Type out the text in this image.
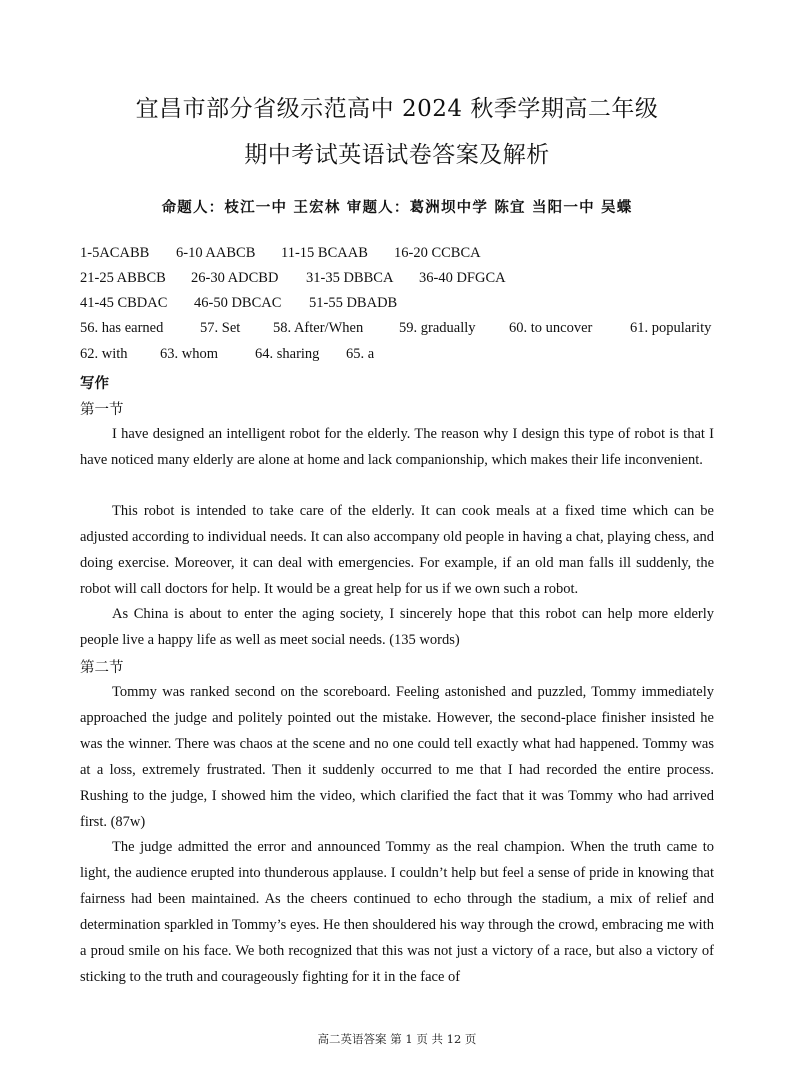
宜昌市部分省级示范高中 2024 秋季学期高二年级
期中考试英语试卷答案及解析
命题人：枝江一中 王宏林 审题人：葛洲坝中学 陈宜 当阳一中 吴蝶
1-5ACABB 6-10 AABCB 11-15 BCAAB 16-20 CCBCA
21-25 ABBCB 26-30 ADCBD 31-35 DBBCA 36-40 DFGCA
41-45 CBDAC 46-50 DBCAC 51-55 DBADB
56. has earned	57. Set 58. After/When 59. gradually 60. to uncover	61. popularity
62. with 63. whom	64. sharing 65. a
写作
第一节

I have designed an intelligent robot for the elderly. The reason why I design this type of robot is that I have noticed many elderly are alone at home and lack companionship, which makes their life inconvenient.

This robot is intended to take care of the elderly. It can cook meals at a fixed time which can be adjusted according to individual needs. It can also accompany old people in having a chat, playing chess, and doing exercise. Moreover, it can deal with emergencies. For example, if an old man falls ill suddenly, the robot will call doctors for help. It would be a great help for us if we own such a robot.

As China is about to enter the aging society, I sincerely hope that this robot can help more elderly people live a happy life as well as meet social needs. (135 words)

第二节

Tommy was ranked second on the scoreboard. Feeling astonished and puzzled, Tommy immediately approached the judge and politely pointed out the mistake. However, the second-place finisher insisted he was the winner. There was chaos at the scene and no one could tell exactly what had happened. Tommy was at a loss, extremely frustrated. Then it suddenly occurred to me that I had recorded the entire process. Rushing to the judge, I showed him the video, which clarified the fact that it was Tommy who had arrived first. (87w)

The judge admitted the error and announced Tommy as the real champion. When the truth came to light, the audience erupted into thunderous applause. I couldn’t help but feel a sense of pride in knowing that fairness had been maintained. As the cheers continued to echo through the stadium, a mix of relief and determination sparkled in Tommy’s eyes. He then shouldered his way through the crowd, embracing me with a proud smile on his face. We both recognized that this was not just a victory of a race, but also a victory of sticking to the truth and courageously fighting for it in the face of

高二英语答案 第 1 页 共 12 页
